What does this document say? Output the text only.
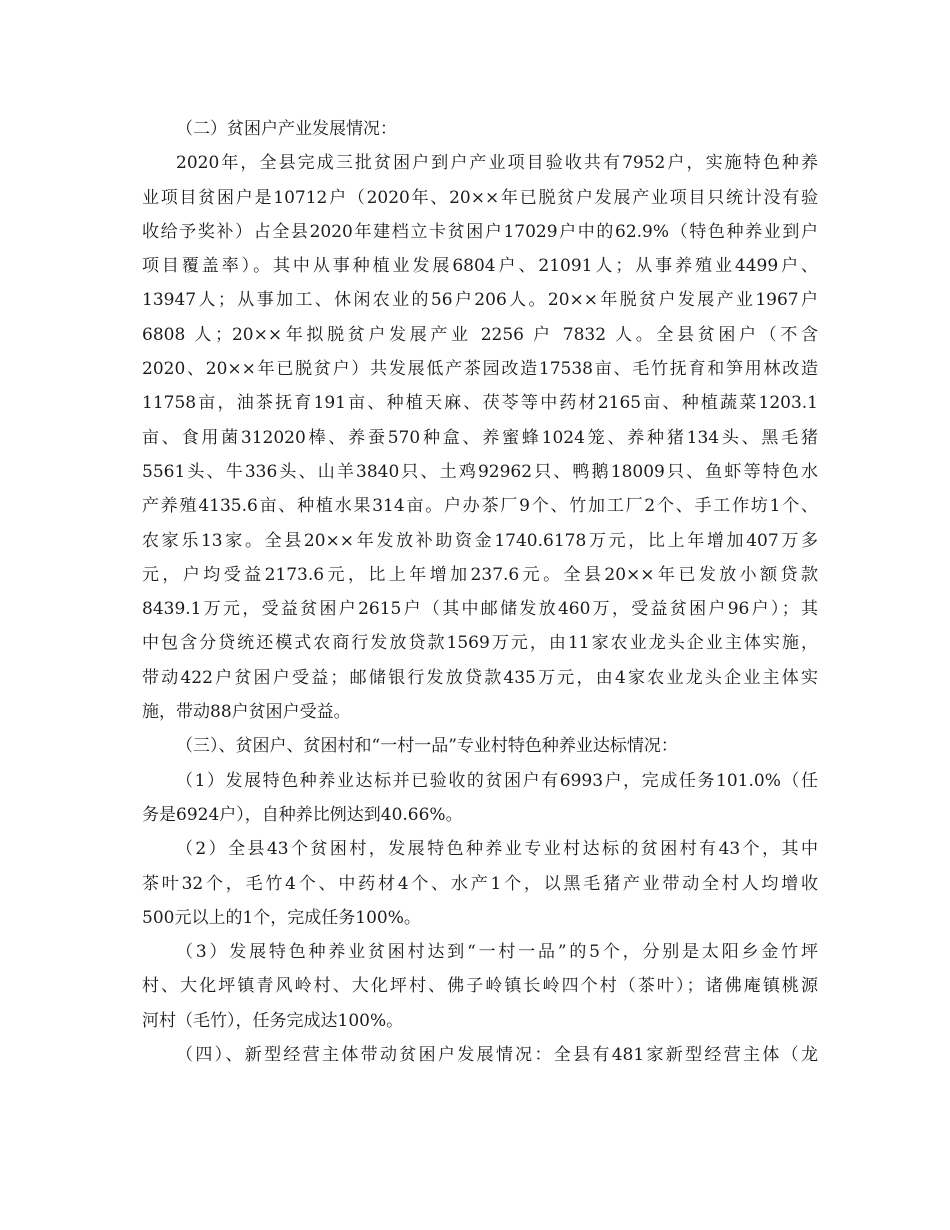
（二）贫困户产业发展情况：
2020年，全县完成三批贫困户到户产业项目验收共有7952户，实施特色种养
业项目贫困户是10712户（2020年、20××年已脱贫户发展产业项目只统计没有验
收给予奖补）占全县2020年建档立卡贫困户17029户中的62.9%（特色种养业到户
项目覆盖率）。其中从事种植业发展6804户、21091人；从事养殖业4499户、
13947人；从事加工、休闲农业的56户206人。20××年脱贫户发展产业1967户
6808 人；20××年拟脱贫户发展产业 2256 户 7832 人。全县贫困户（不含
2020、20××年已脱贫户）共发展低产茶园改造17538亩、毛竹抚育和笋用林改造
11758亩，油茶抚育191亩、种植天麻、茯苓等中药材2165亩、种植蔬菜1203.1
亩、食用菌312020棒、养蚕570种盒、养蜜蜂1024笼、养种猪134头、黑毛猪
5561头、牛336头、山羊3840只、土鸡92962只、鸭鹅18009只、鱼虾等特色水
产养殖4135.6亩、种植水果314亩。户办茶厂9个、竹加工厂2个、手工作坊1个、
农家乐13家。全县20××年发放补助资金1740.6178万元，比上年增加407万多
元，户均受益2173.6元，比上年增加237.6元。全县20××年已发放小额贷款
8439.1万元，受益贫困户2615户（其中邮储发放460万，受益贫困户96户）；其
中包含分贷统还模式农商行发放贷款1569万元，由11家农业龙头企业主体实施，
带动422户贫困户受益；邮储银行发放贷款435万元，由4家农业龙头企业主体实
施，带动88户贫困户受益。
（三）、贫困户、贫困村和“一村一品”专业村特色种养业达标情况：
（1）发展特色种养业达标并已验收的贫困户有6993户，完成任务101.0%（任
务是6924户），自种养比例达到40.66%。
（2）全县43个贫困村，发展特色种养业专业村达标的贫困村有43个，其中
茶叶32个，毛竹4个、中药材4个、水产1个，以黑毛猪产业带动全村人均增收
500元以上的1个，完成任务100%。
（3）发展特色种养业贫困村达到“一村一品”的5个，分别是太阳乡金竹坪
村、大化坪镇青风岭村、大化坪村、佛子岭镇长岭四个村（茶叶）；诸佛庵镇桃源
河村（毛竹），任务完成达100%。
（四）、新型经营主体带动贫困户发展情况：全县有481家新型经营主体（龙
